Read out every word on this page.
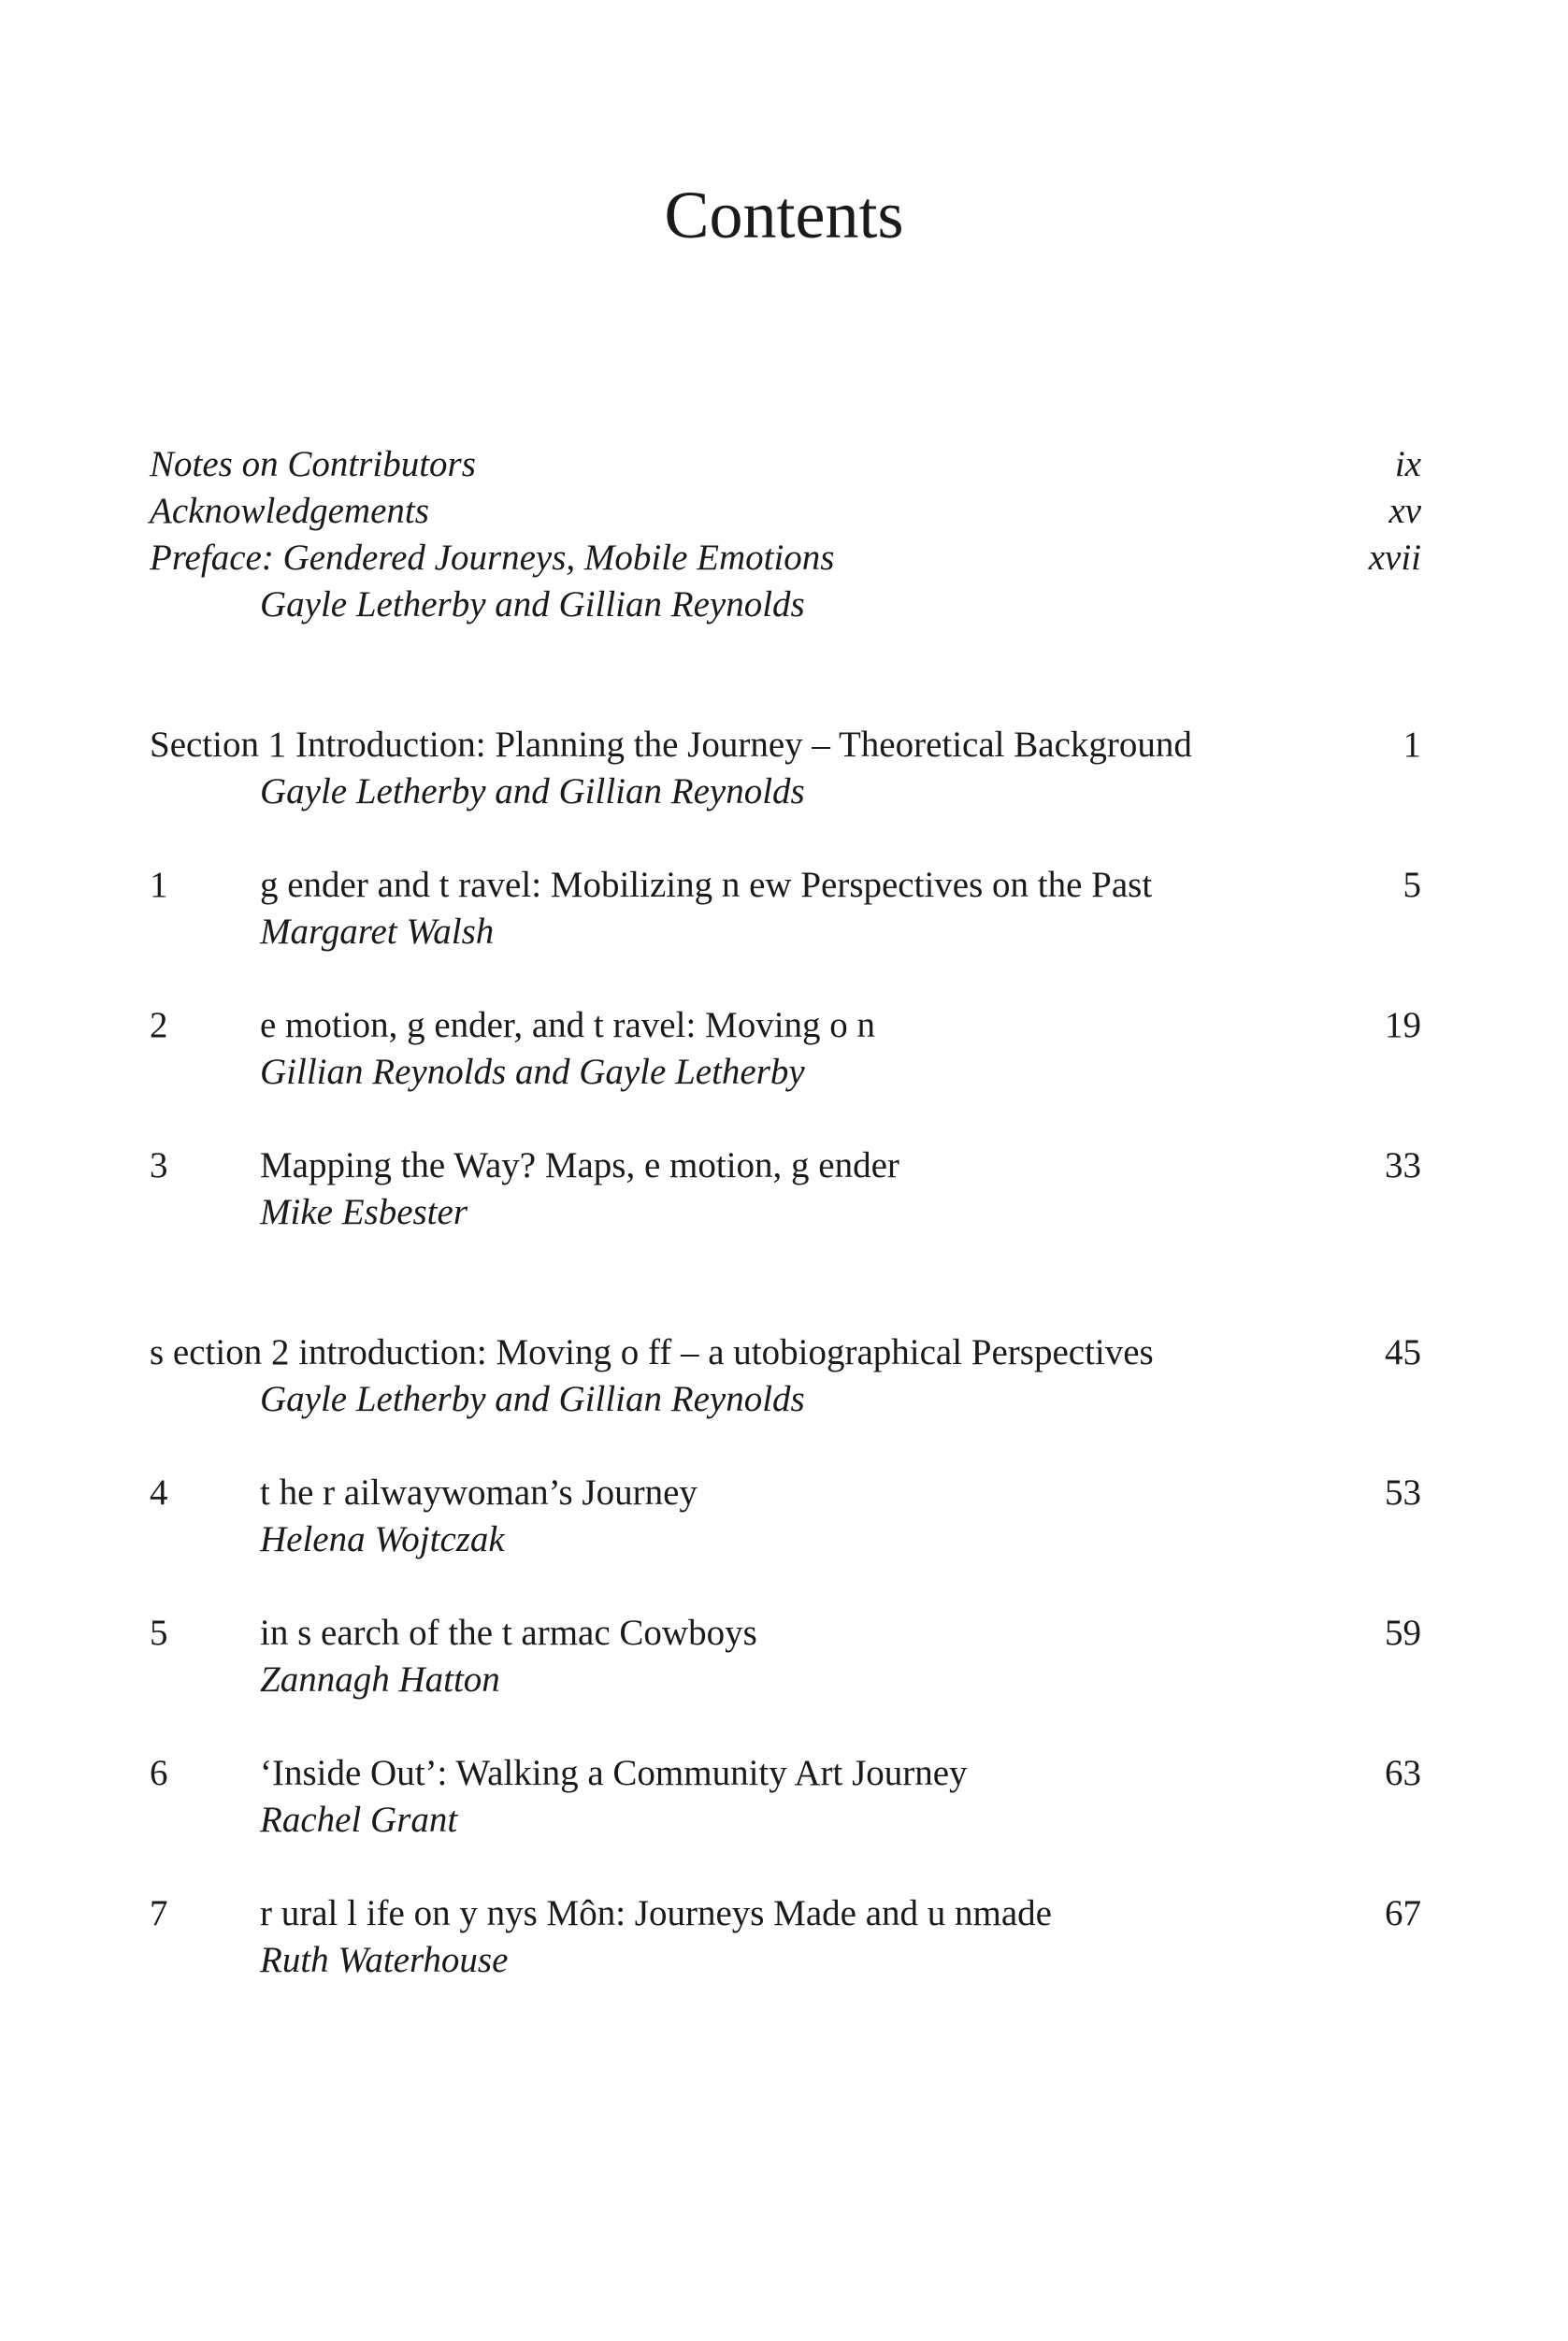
Contents
Notes on Contributors	ix
Acknowledgements	xv
Preface: Gendered Journeys, Mobile Emotions	xvii
Gayle Letherby and Gillian Reynolds
Section 1 Introduction: Planning the Journey – Theoretical Background	1
Gayle Letherby and Gillian Reynolds
1	g ender and t ravel: Mobilizing n ew Perspectives on the Past	5
Margaret Walsh
2	e motion, g ender, and t ravel: Moving o n	19
Gillian Reynolds and Gayle Letherby
3	Mapping the Way? Maps, e motion, g ender	33
Mike Esbester
s ection 2 introduction: Moving o ff – a utobiographical Perspectives	45
Gayle Letherby and Gillian Reynolds
4	t he r ailwaywoman’s Journey	53
Helena Wojtczak
5	in s earch of the t armac Cowboys	59
Zannagh Hatton
6	‘Inside Out’: Walking a Community Art Journey	63
Rachel Grant
7	r ural l ife on y nys Môn: Journeys Made and u nmade	67
Ruth Waterhouse
